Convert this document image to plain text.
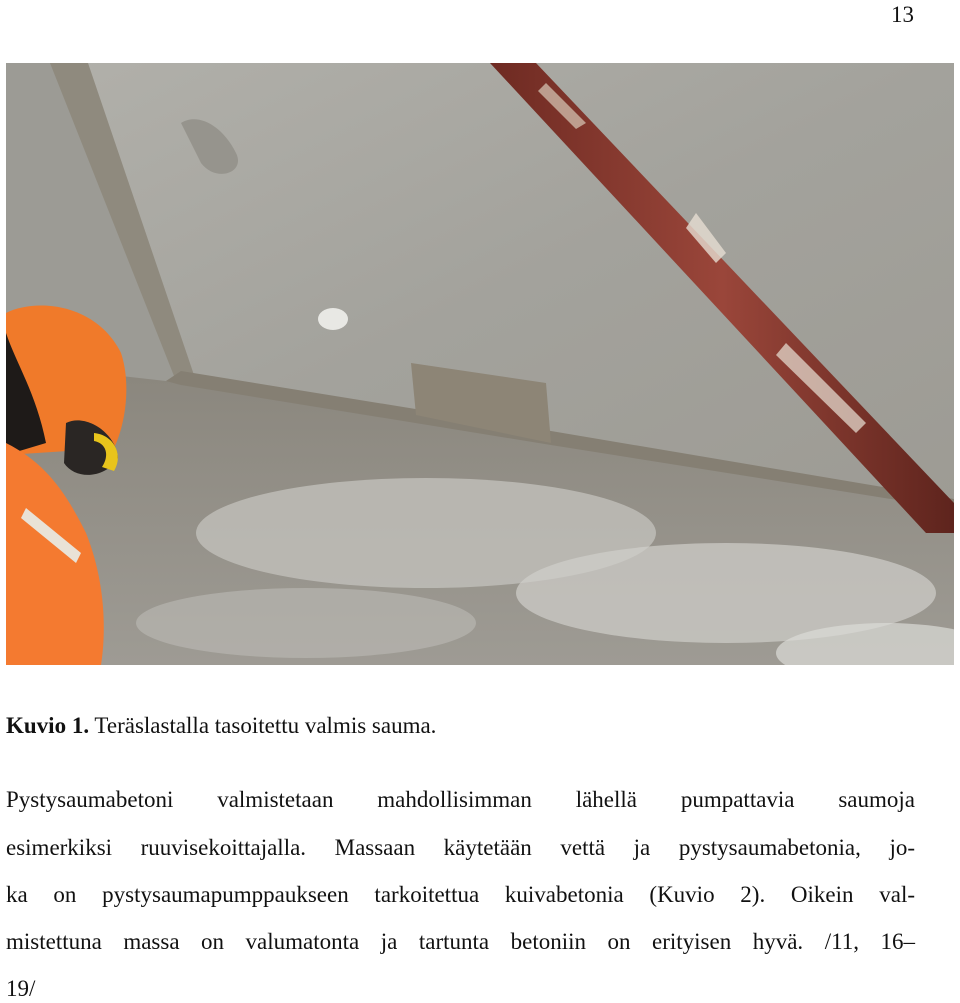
13
Kuvio 1. Teräslastalla tasoitettu valmis sauma.
Pystysaumabetoni valmistetaan mahdollisimman lähellä pumpattavia saumoja
esimerkiksi ruuvisekoittajalla. Massaan käytetään vettä ja pystysaumabetonia, jo-
ka on pystysaumapumppaukseen tarkoitettua kuivabetonia (Kuvio 2). Oikein val-
mistettuna massa on valumatonta ja tartunta betoniin on erityisen hyvä. /11, 16–
19/
